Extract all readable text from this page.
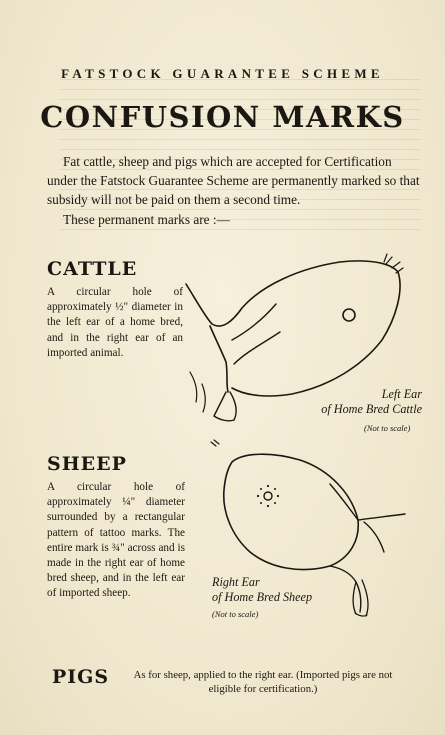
FATSTOCK GUARANTEE SCHEME
CONFUSION MARKS
Fat cattle, sheep and pigs which are accepted for Certification under the Fatstock Guarantee Scheme are permanently marked so that subsidy will not be paid on them a second time.
These permanent marks are :—
CATTLE
A circular hole of approximately ½" diameter in the left ear of a home bred, and in the right ear of an imported animal.
Left Ear
of Home Bred Cattle
(Not to scale)
SHEEP
A circular hole of approximately ¼" diameter surrounded by a rectangular pattern of tattoo marks. The entire mark is ¾" across and is made in the right ear of home bred sheep, and in the left ear of imported sheep.
Right Ear
of Home Bred Sheep
(Not to scale)
PIGS	As for sheep, applied to the right ear. (Imported pigs are not eligible for certification.)
